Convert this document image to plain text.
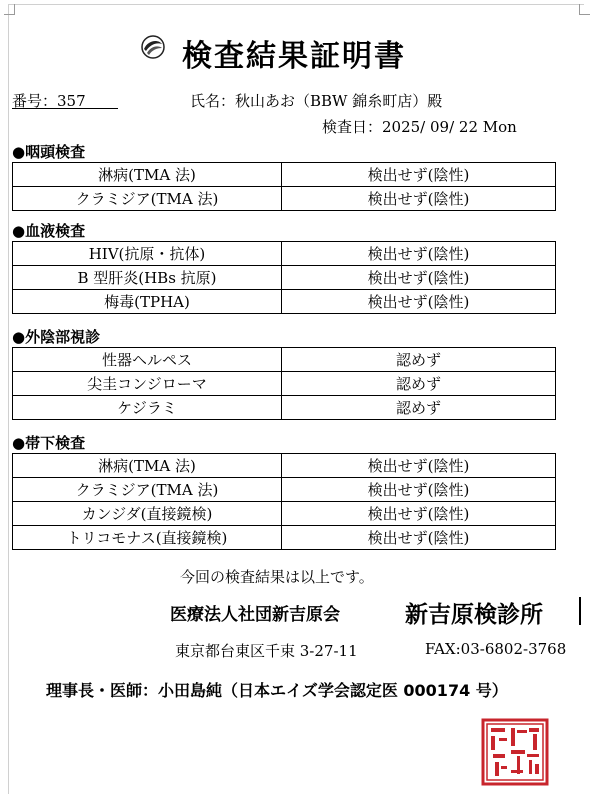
検査結果証明書
番号：357	氏名：秋山あお（BBW 錦糸町店）殿
検査日：2025/ 09/ 22 Mon
●咽頭検査
淋病(TMA 法)	検出せず(陰性)
クラミジア(TMA 法)	検出せず(陰性)
●血液検査
HIV(抗原・抗体)	検出せず(陰性)
B 型肝炎(HBs 抗原)	検出せず(陰性)
梅毒(TPHA)	検出せず(陰性)
●外陰部視診
性器ヘルペス	認めず
尖圭コンジローマ	認めず
ケジラミ	認めず
●帯下検査
淋病(TMA 法)	検出せず(陰性)
クラミジア(TMA 法)	検出せず(陰性)
カンジダ(直接鏡検)	検出せず(陰性)
トリコモナス(直接鏡検)	検出せず(陰性)
今回の検査結果は以上です。
医療法人社団新吉原会	新吉原検診所
東京都台東区千束 3-27-11	FAX:03-6802-3768
理事長・医師：小田島純（日本エイズ学会認定医 000174 号）
